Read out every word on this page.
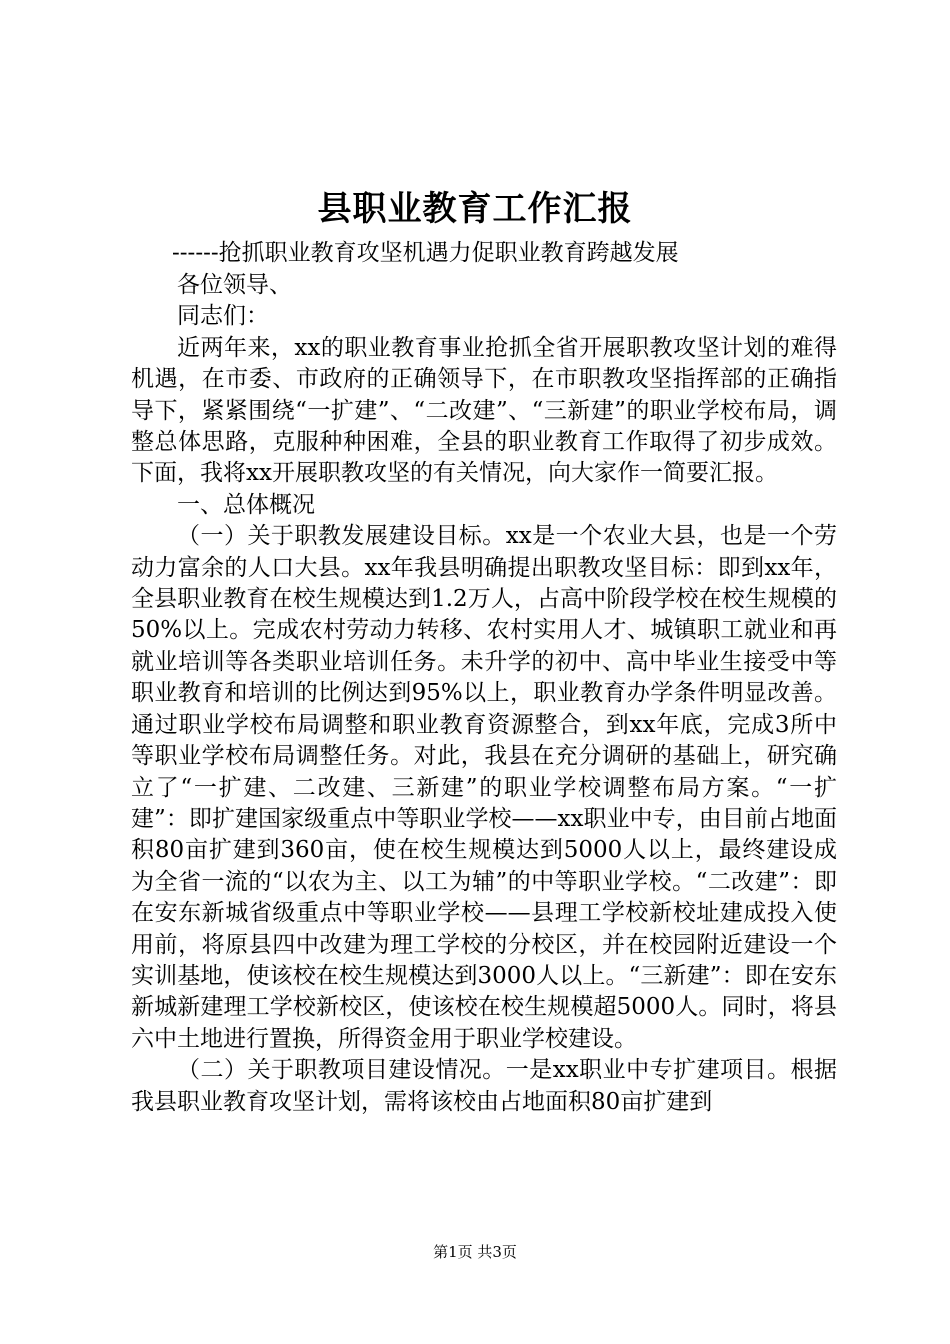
县职业教育工作汇报

------抢抓职业教育攻坚机遇力促职业教育跨越发展

各位领导、

同志们：

近两年来，xx的职业教育事业抢抓全省开展职教攻坚计划的难得机遇，在市委、市政府的正确领导下，在市职教攻坚指挥部的正确指导下，紧紧围绕“一扩建”、“二改建”、“三新建”的职业学校布局，调整总体思路，克服种种困难，全县的职业教育工作取得了初步成效。下面，我将xx开展职教攻坚的有关情况，向大家作一简要汇报。

一、总体概况

（一）关于职教发展建设目标。xx是一个农业大县，也是一个劳动力富余的人口大县。xx年我县明确提出职教攻坚目标：即到xx年，全县职业教育在校生规模达到1.2万人，占高中阶段学校在校生规模的50%以上。完成农村劳动力转移、农村实用人才、城镇职工就业和再就业培训等各类职业培训任务。未升学的初中、高中毕业生接受中等职业教育和培训的比例达到95%以上，职业教育办学条件明显改善。通过职业学校布局调整和职业教育资源整合，到xx年底，完成3所中等职业学校布局调整任务。对此，我县在充分调研的基础上，研究确立了“一扩建、二改建、三新建”的职业学校调整布局方案。“一扩建”：即扩建国家级重点中等职业学校——xx职业中专，由目前占地面积80亩扩建到360亩，使在校生规模达到5000人以上，最终建设成为全省一流的“以农为主、以工为辅”的中等职业学校。“二改建”：即在安东新城省级重点中等职业学校——县理工学校新校址建成投入使用前，将原县四中改建为理工学校的分校区，并在校园附近建设一个实训基地，使该校在校生规模达到3000人以上。“三新建”：即在安东新城新建理工学校新校区，使该校在校生规模超5000人。同时，将县六中土地进行置换，所得资金用于职业学校建设。

（二）关于职教项目建设情况。一是xx职业中专扩建项目。根据我县职业教育攻坚计划，需将该校由占地面积80亩扩建到

第1页 共3页
